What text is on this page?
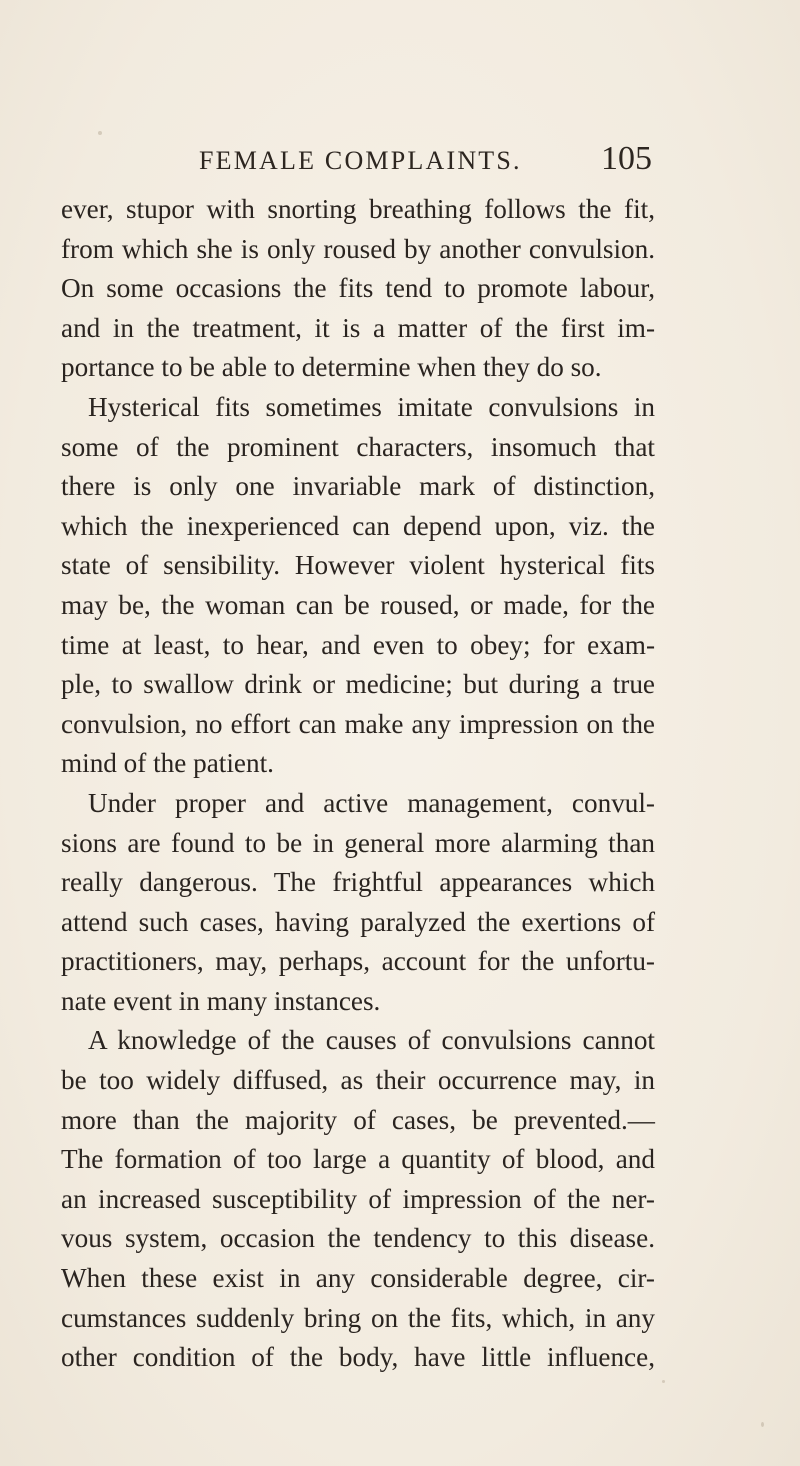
FEMALE COMPLAINTS. 105
ever, stupor with snorting breathing follows the fit,
from which she is only roused by another convulsion.
On some occasions the fits tend to promote labour,
and in the treatment, it is a matter of the first im-
portance to be able to determine when they do so.
Hysterical fits sometimes imitate convulsions in
some of the prominent characters, insomuch that
there is only one invariable mark of distinction,
which the inexperienced can depend upon, viz. the
state of sensibility. However violent hysterical fits
may be, the woman can be roused, or made, for the
time at least, to hear, and even to obey; for exam-
ple, to swallow drink or medicine; but during a true
convulsion, no effort can make any impression on the
mind of the patient.
Under proper and active management, convul-
sions are found to be in general more alarming than
really dangerous. The frightful appearances which
attend such cases, having paralyzed the exertions of
practitioners, may, perhaps, account for the unfortu-
nate event in many instances.
A knowledge of the causes of convulsions cannot
be too widely diffused, as their occurrence may, in
more than the majority of cases, be prevented.—
The formation of too large a quantity of blood, and
an increased susceptibility of impression of the ner-
vous system, occasion the tendency to this disease.
When these exist in any considerable degree, cir-
cumstances suddenly bring on the fits, which, in any
other condition of the body, have little influence,
